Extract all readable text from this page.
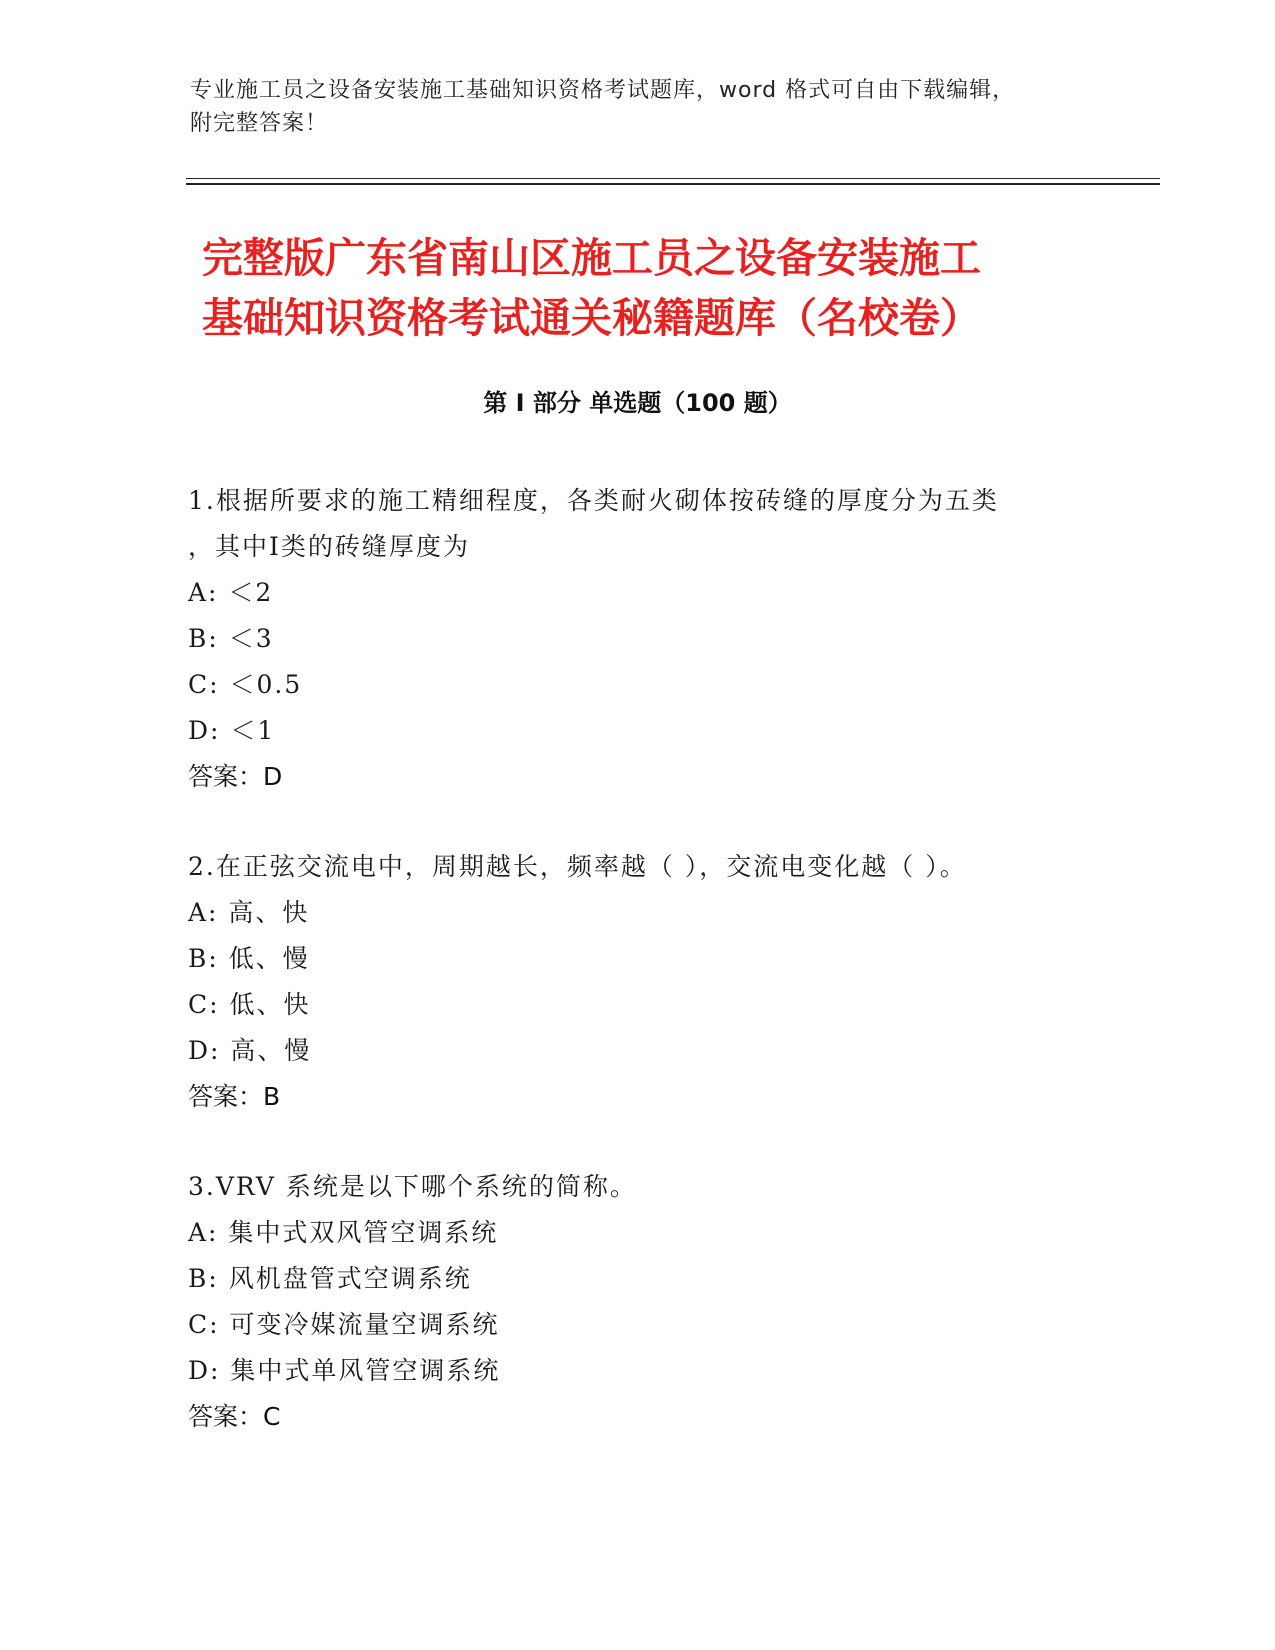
专业施工员之设备安装施工基础知识资格考试题库，word 格式可自由下载编辑，
附完整答案！
完整版广东省南山区施工员之设备安装施工
基础知识资格考试通关秘籍题库（名校卷）
第 I 部分 单选题（100 题）

1.根据所要求的施工精细程度，各类耐火砌体按砖缝的厚度分为五类

，其中Ⅰ类的砖缝厚度为

A: ＜2

B: ＜3

C: ＜0.5

D: ＜1

答案：D

2.在正弦交流电中，周期越长，频率越（ ），交流电变化越（ ）。

A: 高、快

B: 低、慢

C: 低、快

D: 高、慢

答案：B

3.VRV 系统是以下哪个系统的简称。

A: 集中式双风管空调系统

B: 风机盘管式空调系统

C: 可变冷媒流量空调系统

D: 集中式单风管空调系统

答案：C
